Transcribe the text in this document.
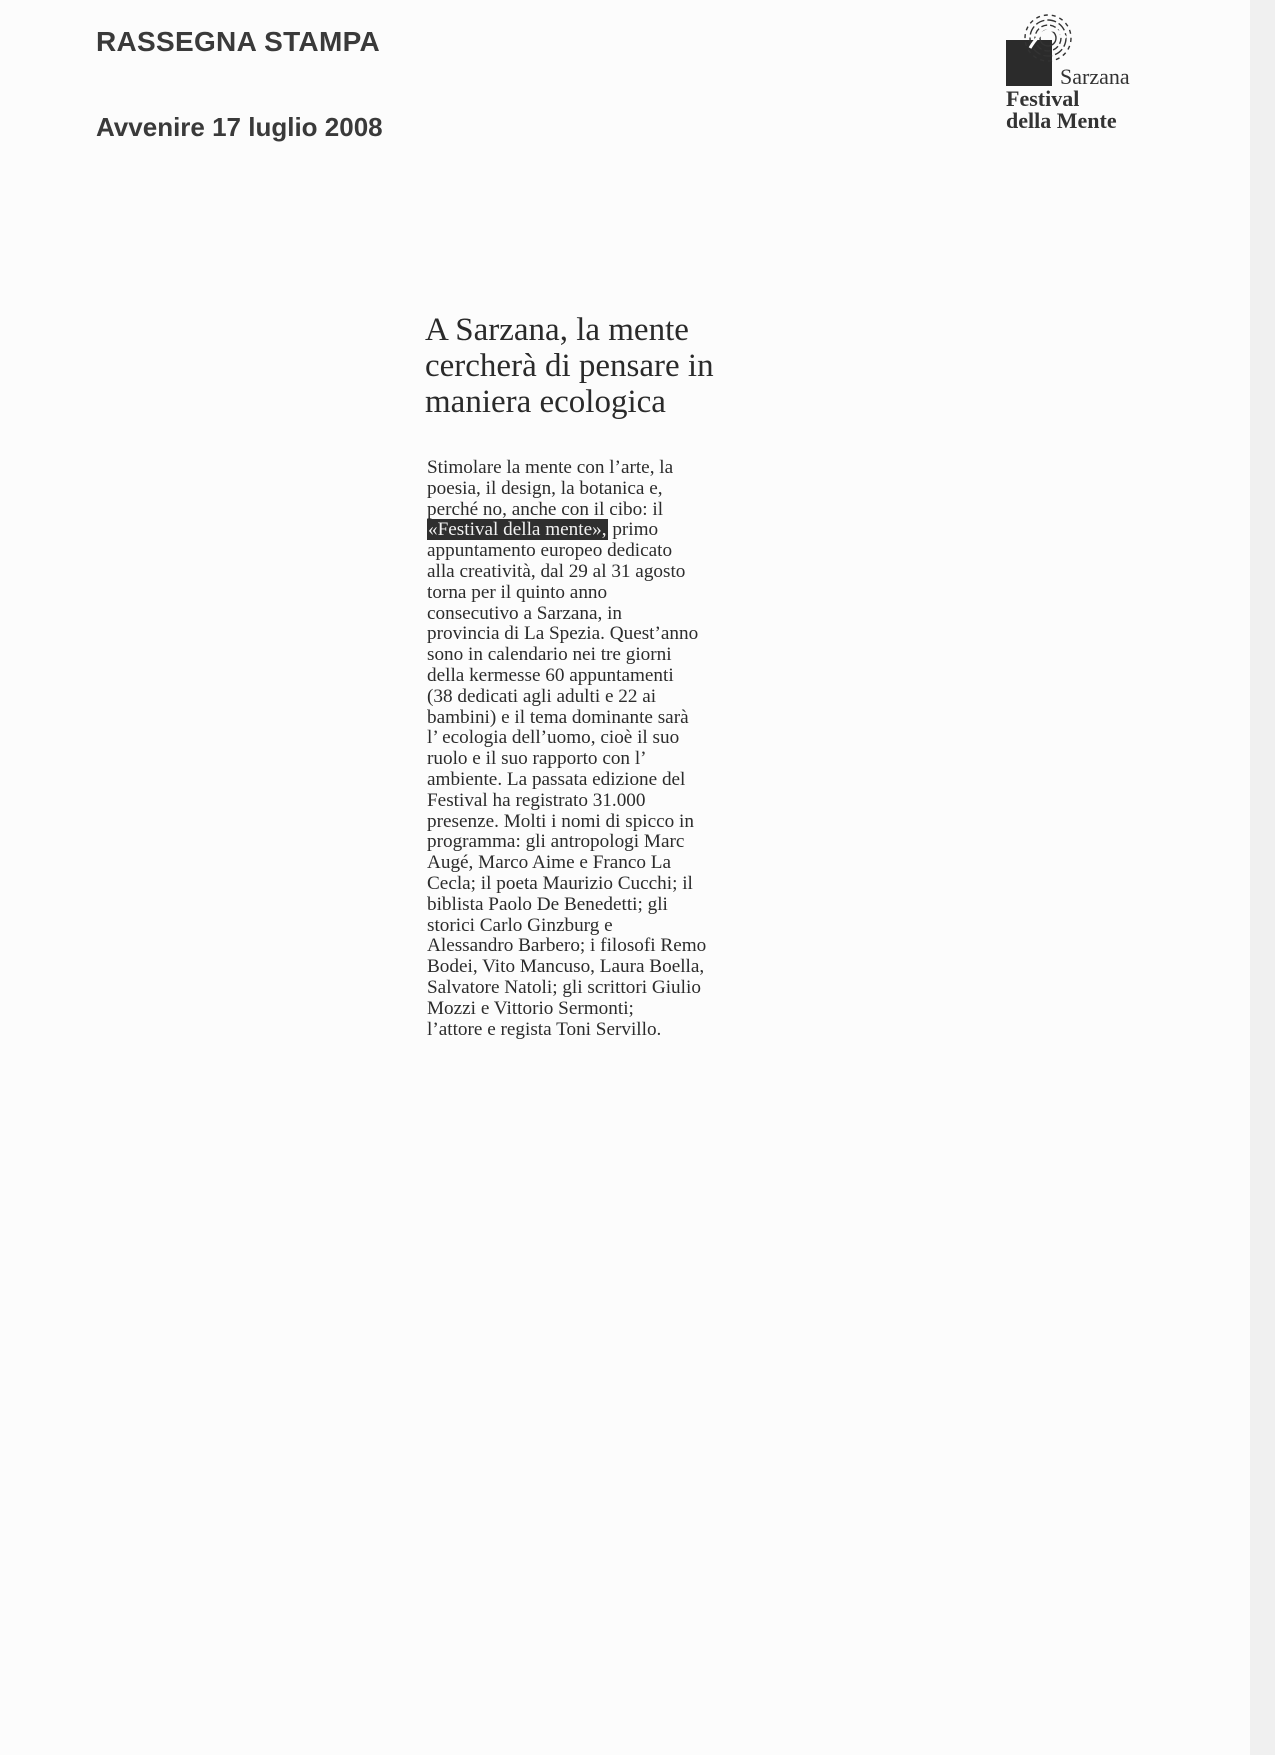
RASSEGNA STAMPA
Avvenire 17 luglio 2008
Sarzana
Festival
della Mente
A Sarzana, la mente cercherà di pensare in maniera ecologica
Stimolare la mente con l’arte, la
poesia, il design, la botanica e,
perché no, anche con il cibo: il
«Festival della mente», primo
appuntamento europeo dedicato
alla creatività, dal 29 al 31 agosto
torna per il quinto anno
consecutivo a Sarzana, in
provincia di La Spezia. Quest’anno
sono in calendario nei tre giorni
della kermesse 60 appuntamenti
(38 dedicati agli adulti e 22 ai
bambini) e il tema dominante sarà
l’ ecologia dell’uomo, cioè il suo
ruolo e il suo rapporto con l’
ambiente. La passata edizione del
Festival ha registrato 31.000
presenze. Molti i nomi di spicco in
programma: gli antropologi Marc
Augé, Marco Aime e Franco La
Cecla; il poeta Maurizio Cucchi; il
biblista Paolo De Benedetti; gli
storici Carlo Ginzburg e
Alessandro Barbero; i filosofi Remo
Bodei, Vito Mancuso, Laura Boella,
Salvatore Natoli; gli scrittori Giulio
Mozzi e Vittorio Sermonti;
l’attore e regista Toni Servillo.
